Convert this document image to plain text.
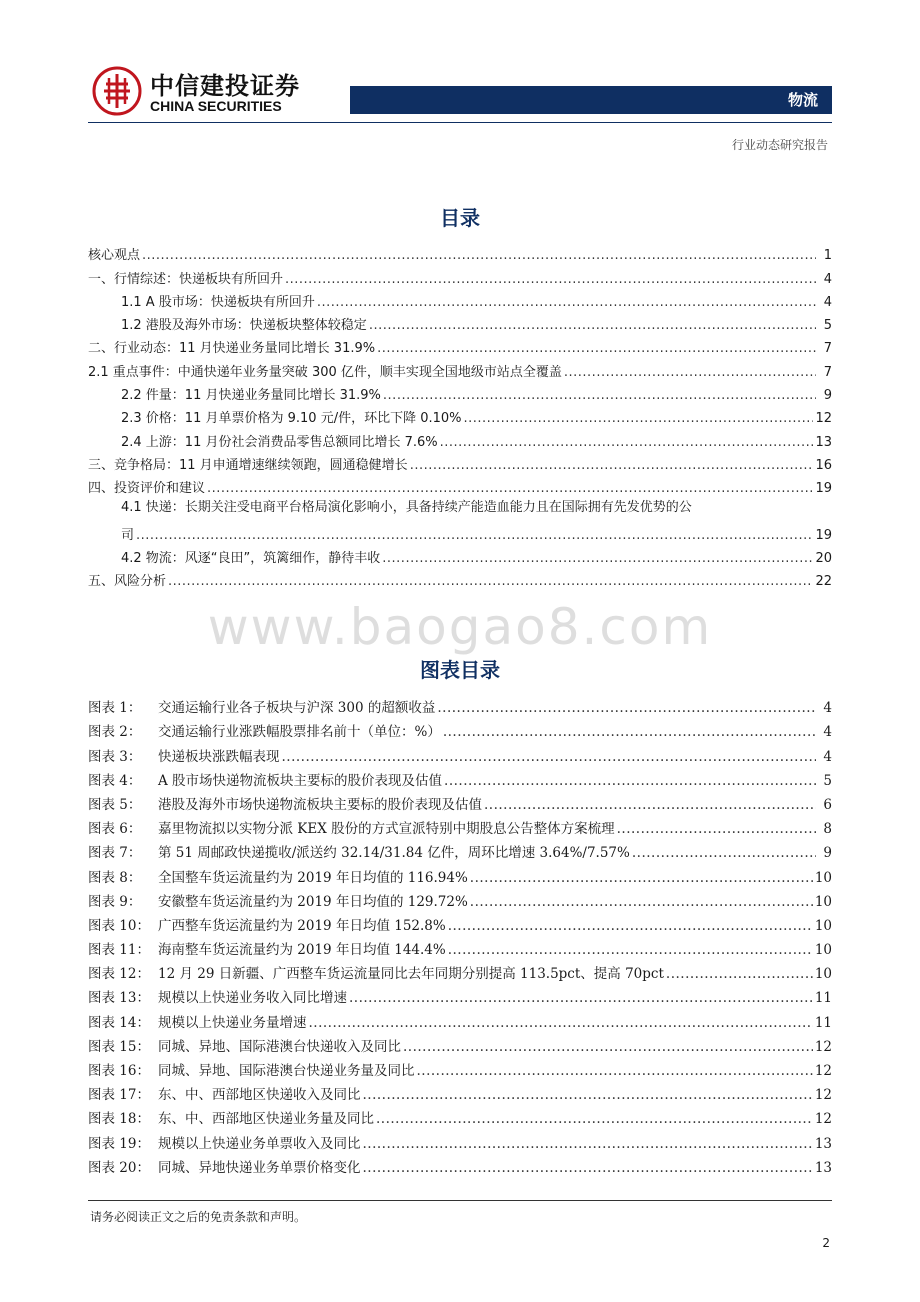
中信建投证券
CHINA SECURITIES	物流
行业动态研究报告
目录
核心观点 .....	1
一、行情综述：快递板块有所回升 .....	4
1.1 A 股市场：快递板块有所回升 .....	4
1.2 港股及海外市场：快递板块整体较稳定 .....	5
二、行业动态：11 月快递业务量同比增长 31.9% .....	7
2.1 重点事件：中通快递年业务量突破 300 亿件，顺丰实现全国地级市站点全覆盖 .....	7
2.2 件量：11 月快递业务量同比增长 31.9% .....	9
2.3 价格：11 月单票价格为 9.10 元/件，环比下降 0.10% .....	12
2.4 上游：11 月份社会消费品零售总额同比增长 7.6% .....	13
三、竞争格局：11 月申通增速继续领跑，圆通稳健增长 .....	16
四、投资评价和建议 .....	19
4.1 快递：长期关注受电商平台格局演化影响小，具备持续产能造血能力且在国际拥有先发优势的公
司 .....	19
4.2 物流：风逐“良田”，筑篱细作，静待丰收 .....	20
五、风险分析 .....	22
www.baogao8.com
图表目录
图表 1：	交通运输行业各子板块与沪深 300 的超额收益 .....	4
图表 2：	交通运输行业涨跌幅股票排名前十（单位：%） .....	4
图表 3：	快递板块涨跌幅表现 .....	4
图表 4：	A 股市场快递物流板块主要标的股价表现及估值 .....	5
图表 5：	港股及海外市场快递物流板块主要标的股价表现及估值 .....	6
图表 6：	嘉里物流拟以实物分派 KEX 股份的方式宣派特别中期股息公告整体方案梳理 .....	8
图表 7：	第 51 周邮政快递揽收/派送约 32.14/31.84 亿件，周环比增速 3.64%/7.57% .....	9
图表 8：	全国整车货运流量约为 2019 年日均值的 116.94% .....	10
图表 9：	安徽整车货运流量约为 2019 年日均值的 129.72% .....	10
图表 10： 广西整车货运流量约为 2019 年日均值 152.8% .....	10
图表 11： 海南整车货运流量约为 2019 年日均值 144.4% .....	10
图表 12： 12 月 29 日新疆、广西整车货运流量同比去年同期分别提高 113.5pct、提高 70pct .....	10
图表 13： 规模以上快递业务收入同比增速 .....	11
图表 14： 规模以上快递业务量增速 .....	11
图表 15： 同城、异地、国际港澳台快递收入及同比 .....	12
图表 16： 同城、异地、国际港澳台快递业务量及同比 .....	12
图表 17： 东、中、西部地区快递收入及同比 .....	12
图表 18： 东、中、西部地区快递业务量及同比 .....	12
图表 19： 规模以上快递业务单票收入及同比 .....	13
图表 20： 同城、异地快递业务单票价格变化 .....	13
请务必阅读正文之后的免责条款和声明。
2
